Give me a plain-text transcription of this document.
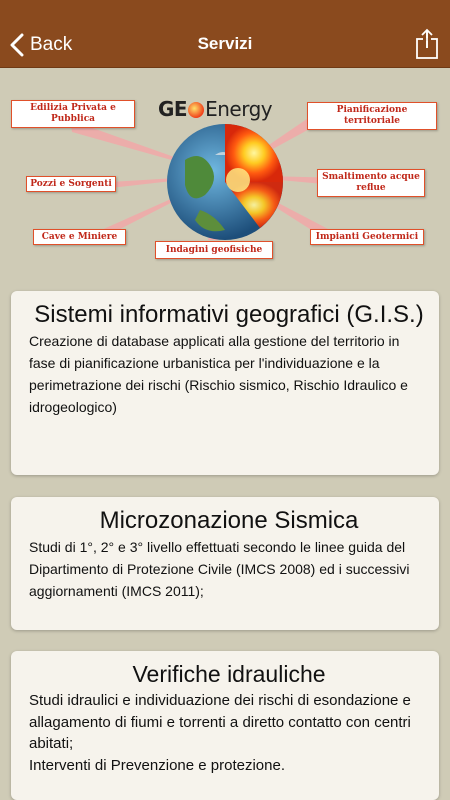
Back	Servizi
GE Energy
Edilizia Privata e Pubblica
Pianificazione territoriale
Pozzi e Sorgenti
Smaltimento acque reflue
Cave e Miniere
Indagini geofisiche
Impianti Geotermici
Sistemi informativi geografici (G.I.S.)

Creazione di database applicati alla gestione del territorio in fase di pianificazione urbanistica per l'individuazione e la perimetrazione dei rischi (Rischio sismico, Rischio Idraulico e idrogeologico)

Microzonazione Sismica

Studi di 1°, 2° e 3° livello effettuati secondo le linee guida del Dipartimento di Protezione Civile (IMCS 2008) ed i successivi aggiornamenti (IMCS 2011);

Verifiche idrauliche

Studi idraulici e individuazione dei rischi di esondazione e allagamento di fiumi e torrenti a diretto contatto con centri abitati;

Interventi di Prevenzione e protezione.
